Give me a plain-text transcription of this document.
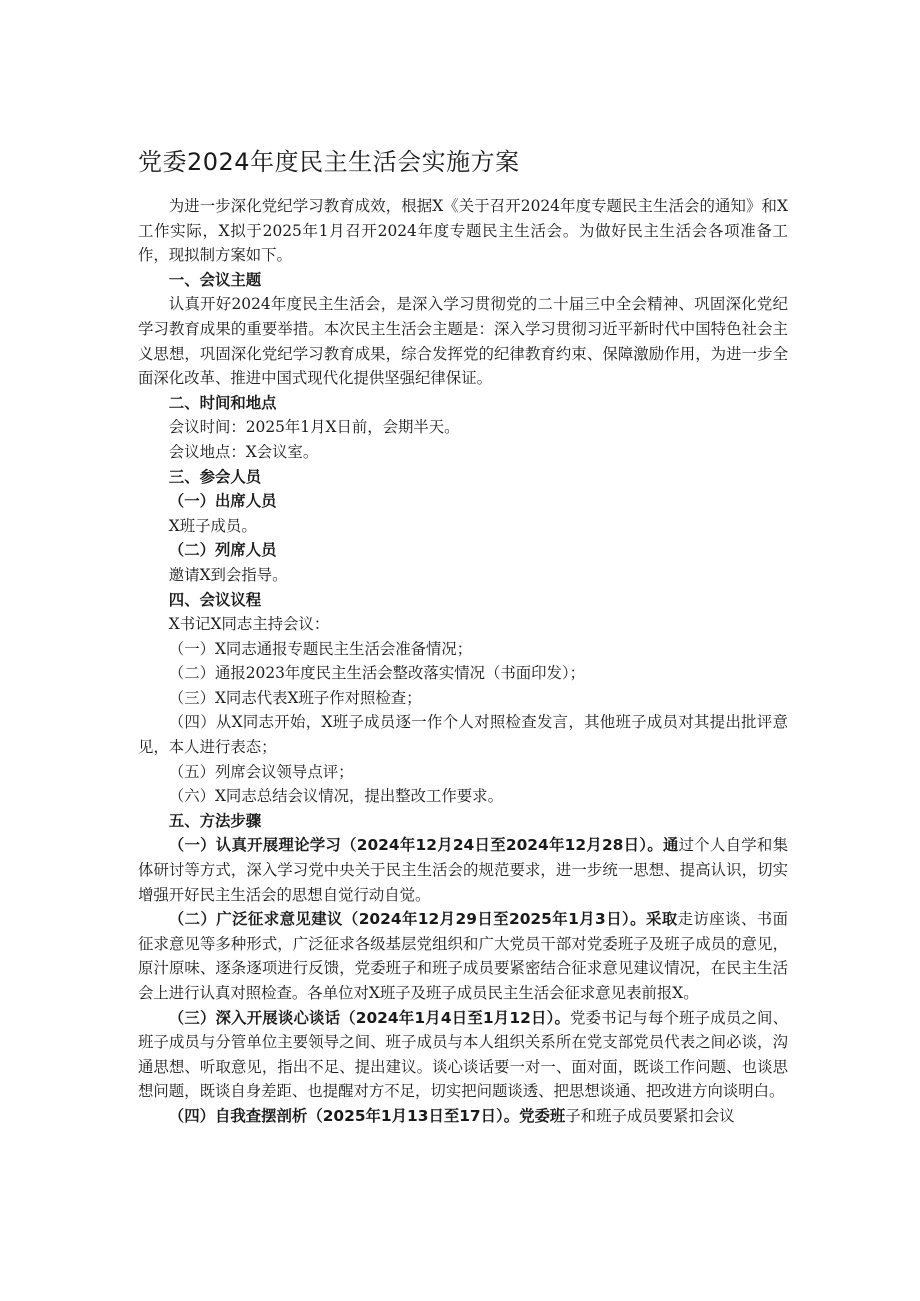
党委2024年度民主生活会实施方案

为进一步深化党纪学习教育成效，根据X《关于召开2024年度专题民主生活会的通知》和X工作实际，X拟于2025年1月召开2024年度专题民主生活会。为做好民主生活会各项准备工作，现拟制方案如下。

一、会议主题

认真开好2024年度民主生活会，是深入学习贯彻党的二十届三中全会精神、巩固深化党纪学习教育成果的重要举措。本次民主生活会主题是：深入学习贯彻习近平新时代中国特色社会主义思想，巩固深化党纪学习教育成果，综合发挥党的纪律教育约束、保障激励作用，为进一步全面深化改革、推进中国式现代化提供坚强纪律保证。

二、时间和地点

会议时间：2025年1月X日前，会期半天。

会议地点：X会议室。

三、参会人员

（一）出席人员

X班子成员。

（二）列席人员

邀请X到会指导。

四、会议议程

X书记X同志主持会议：

（一）X同志通报专题民主生活会准备情况；

（二）通报2023年度民主生活会整改落实情况（书面印发）；

（三）X同志代表X班子作对照检查；

（四）从X同志开始，X班子成员逐一作个人对照检查发言，其他班子成员对其提出批评意见，本人进行表态；

（五）列席会议领导点评；

（六）X同志总结会议情况，提出整改工作要求。

五、方法步骤

（一）认真开展理论学习（2024年12月24日至2024年12月28日）。通过个人自学和集体研讨等方式，深入学习党中央关于民主生活会的规范要求，进一步统一思想、提高认识，切实增强开好民主生活会的思想自觉行动自觉。

（二）广泛征求意见建议（2024年12月29日至2025年1月3日）。采取走访座谈、书面征求意见等多种形式，广泛征求各级基层党组织和广大党员干部对党委班子及班子成员的意见，原汁原味、逐条逐项进行反馈，党委班子和班子成员要紧密结合征求意见建议情况，在民主生活会上进行认真对照检查。各单位对X班子及班子成员民主生活会征求意见表前报X。

（三）深入开展谈心谈话（2024年1月4日至1月12日）。党委书记与每个班子成员之间、班子成员与分管单位主要领导之间、班子成员与本人组织关系所在党支部党员代表之间必谈，沟通思想、听取意见，指出不足、提出建议。谈心谈话要一对一、面对面，既谈工作问题、也谈思想问题，既谈自身差距、也提醒对方不足，切实把问题谈透、把思想谈通、把改进方向谈明白。

（四）自我查摆剖析（2025年1月13日至17日）。党委班子和班子成员要紧扣会议
